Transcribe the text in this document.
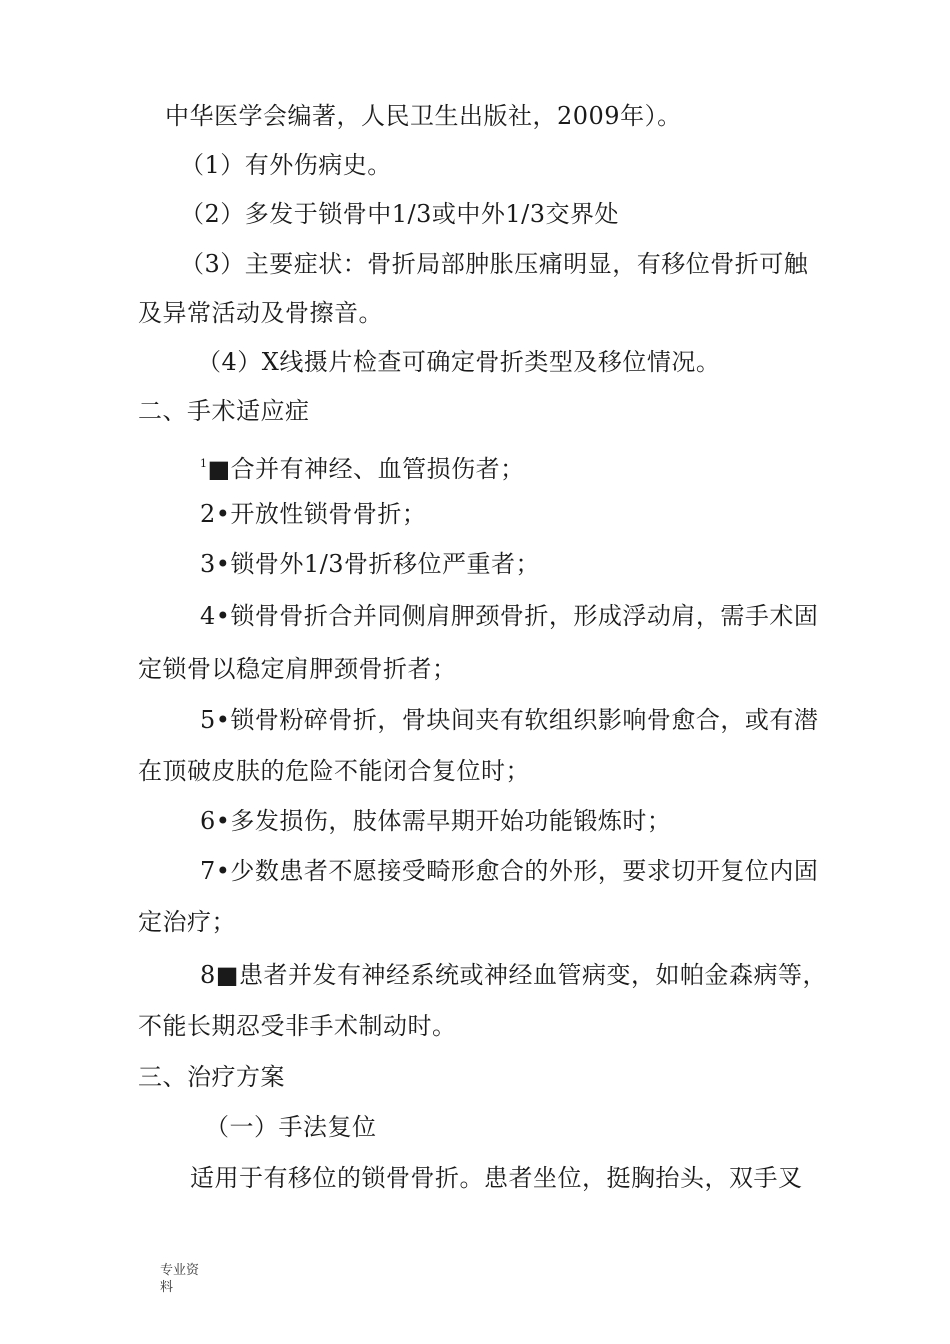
中华医学会编著，人民卫生出版社，2009年）。
（1）有外伤病史。
（2）多发于锁骨中1/3或中外1/3交界处
（3）主要症状：骨折局部肿胀压痛明显，有移位骨折可触
及异常活动及骨擦音。
（4）X线摄片检查可确定骨折类型及移位情况。
二、手术适应症
$^1$■合并有神经、血管损伤者；
2•开放性锁骨骨折；
3•锁骨外1/3骨折移位严重者；
4•锁骨骨折合并同侧肩胛颈骨折，形成浮动肩，需手术固
定锁骨以稳定肩胛颈骨折者；
5•锁骨粉碎骨折，骨块间夹有软组织影响骨愈合，或有潜
在顶破皮肤的危险不能闭合复位时；
6•多发损伤，肢体需早期开始功能锻炼时；
7•少数患者不愿接受畸形愈合的外形，要求切开复位内固
定治疗；
8■患者并发有神经系统或神经血管病变，如帕金森病等，
不能长期忍受非手术制动时。
三、治疗方案
（一）手法复位
适用于有移位的锁骨骨折。患者坐位，挺胸抬头，双手叉
专业资
料
